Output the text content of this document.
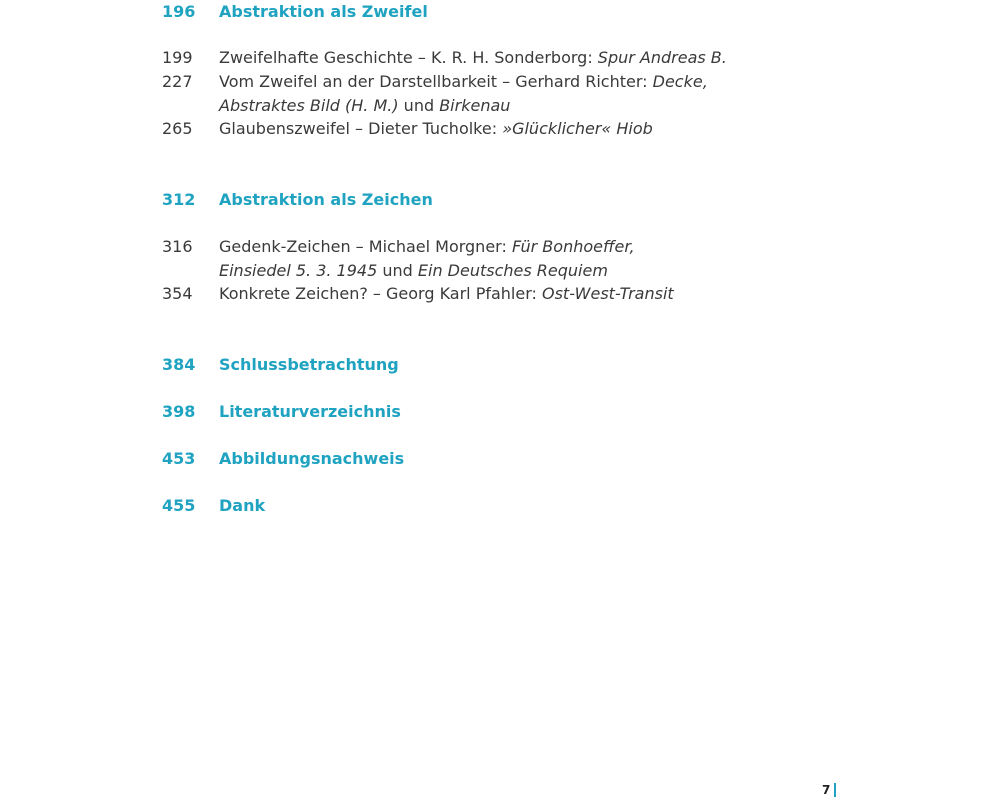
196	Abstraktion als Zweifel
199	Zweifelhafte Geschichte – K. R. H. Sonderborg: Spur Andreas B.
227	Vom Zweifel an der Darstellbarkeit – Gerhard Richter: Decke,
Abstraktes Bild (H. M.) und Birkenau
265	Glaubenszweifel – Dieter Tucholke: »Glücklicher« Hiob
312	Abstraktion als Zeichen
316	Gedenk-Zeichen – Michael Morgner: Für Bonhoeffer,
Einsiedel 5. 3. 1945 und Ein Deutsches Requiem
354	Konkrete Zeichen? – Georg Karl Pfahler: Ost-West-Transit
384	Schlussbetrachtung
398	Literaturverzeichnis
453	Abbildungsnachweis
455	Dank
7
